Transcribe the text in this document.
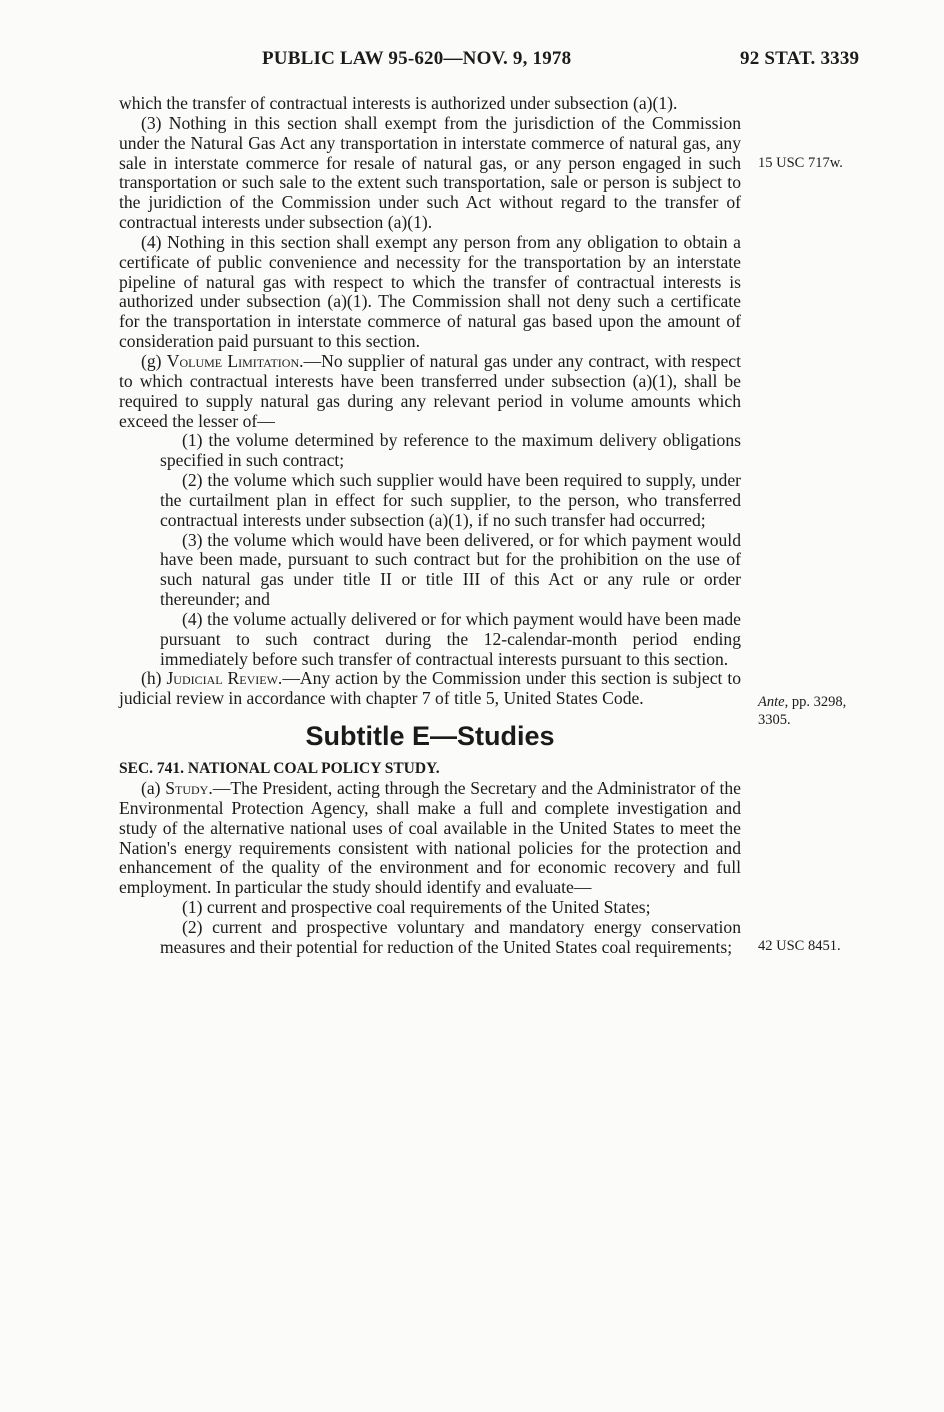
PUBLIC LAW 95-620—NOV. 9, 1978	92 STAT. 3339

which the transfer of contractual interests is authorized under subsection (a)(1).

(3) Nothing in this section shall exempt from the jurisdiction of the Commission under the Natural Gas Act any transportation in interstate commerce of natural gas, any sale in interstate commerce for resale of natural gas, or any person engaged in such transportation or such sale to the extent such transportation, sale or person is subject to the juridiction of the Commission under such Act without regard to the transfer of contractual interests under subsection (a)(1).

(4) Nothing in this section shall exempt any person from any obligation to obtain a certificate of public convenience and necessity for the transportation by an interstate pipeline of natural gas with respect to which the transfer of contractual interests is authorized under subsection (a)(1). The Commission shall not deny such a certificate for the transportation in interstate commerce of natural gas based upon the amount of consideration paid pursuant to this section.

(g) Volume Limitation.—No supplier of natural gas under any contract, with respect to which contractual interests have been transferred under subsection (a)(1), shall be required to supply natural gas during any relevant period in volume amounts which exceed the lesser of—

(1) the volume determined by reference to the maximum delivery obligations specified in such contract;

(2) the volume which such supplier would have been required to supply, under the curtailment plan in effect for such supplier, to the person, who transferred contractual interests under subsection (a)(1), if no such transfer had occurred;

(3) the volume which would have been delivered, or for which payment would have been made, pursuant to such contract but for the prohibition on the use of such natural gas under title II or title III of this Act or any rule or order thereunder; and

(4) the volume actually delivered or for which payment would have been made pursuant to such contract during the 12-calendar-month period ending immediately before such transfer of contractual interests pursuant to this section.

(h) Judicial Review.—Any action by the Commission under this section is subject to judicial review in accordance with chapter 7 of title 5, United States Code.

Subtitle E—Studies

SEC. 741. NATIONAL COAL POLICY STUDY.

(a) Study.—The President, acting through the Secretary and the Administrator of the Environmental Protection Agency, shall make a full and complete investigation and study of the alternative national uses of coal available in the United States to meet the Nation's energy requirements consistent with national policies for the protection and enhancement of the quality of the environment and for economic recovery and full employment. In particular the study should identify and evaluate—

(1) current and prospective coal requirements of the United States;

(2) current and prospective voluntary and mandatory energy conservation measures and their potential for reduction of the United States coal requirements;

15 USC 717w.
Ante, pp. 3298,
3305.
42 USC 8451.
